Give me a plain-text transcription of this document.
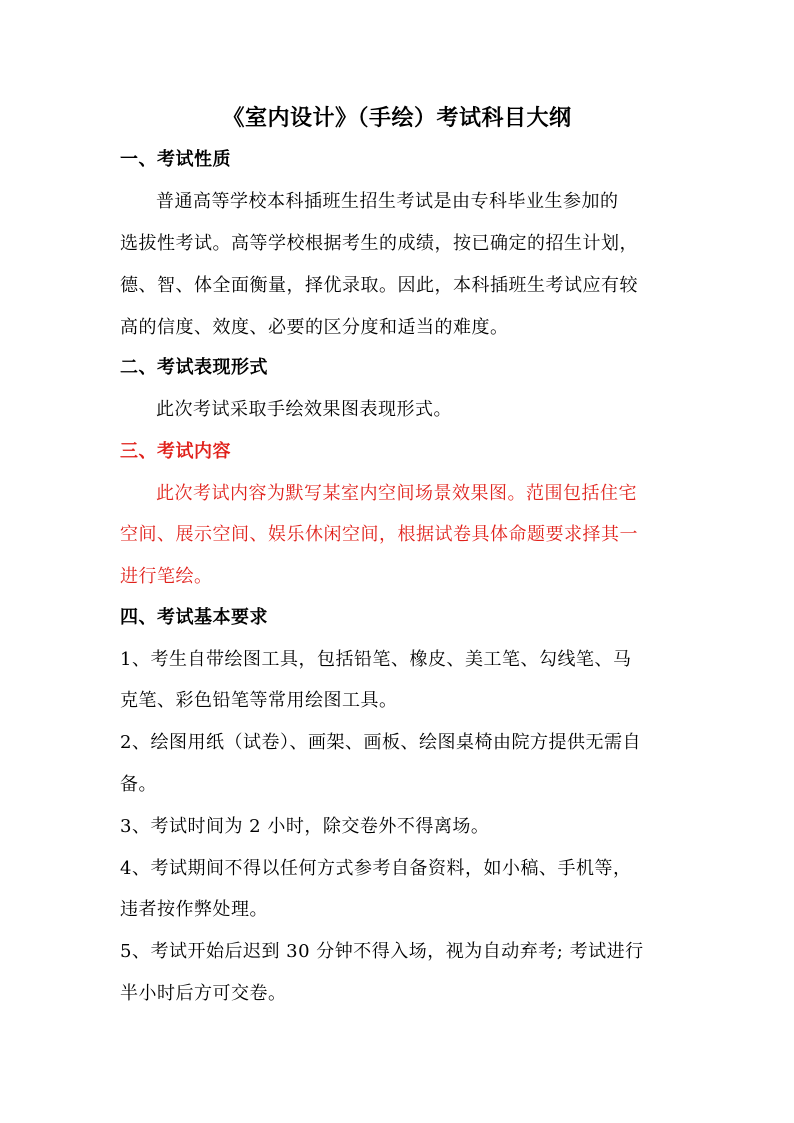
《室内设计》（手绘）考试科目大纲
一、考试性质
普通高等学校本科插班生招生考试是由专科毕业生参加的
选拔性考试。高等学校根据考生的成绩，按已确定的招生计划，
德、智、体全面衡量，择优录取。因此，本科插班生考试应有较
高的信度、效度、必要的区分度和适当的难度。
二、考试表现形式
此次考试采取手绘效果图表现形式。
三、考试内容
此次考试内容为默写某室内空间场景效果图。范围包括住宅
空间、展示空间、娱乐休闲空间，根据试卷具体命题要求择其一
进行笔绘。
四、考试基本要求
1、考生自带绘图工具，包括铅笔、橡皮、美工笔、勾线笔、马
克笔、彩色铅笔等常用绘图工具。
2、绘图用纸（试卷）、画架、画板、绘图桌椅由院方提供无需自
备。
3、考试时间为 2 小时，除交卷外不得离场。
4、考试期间不得以任何方式参考自备资料，如小稿、手机等，
违者按作弊处理。
5、考试开始后迟到 30 分钟不得入场，视为自动弃考; 考试进行
半小时后方可交卷。
